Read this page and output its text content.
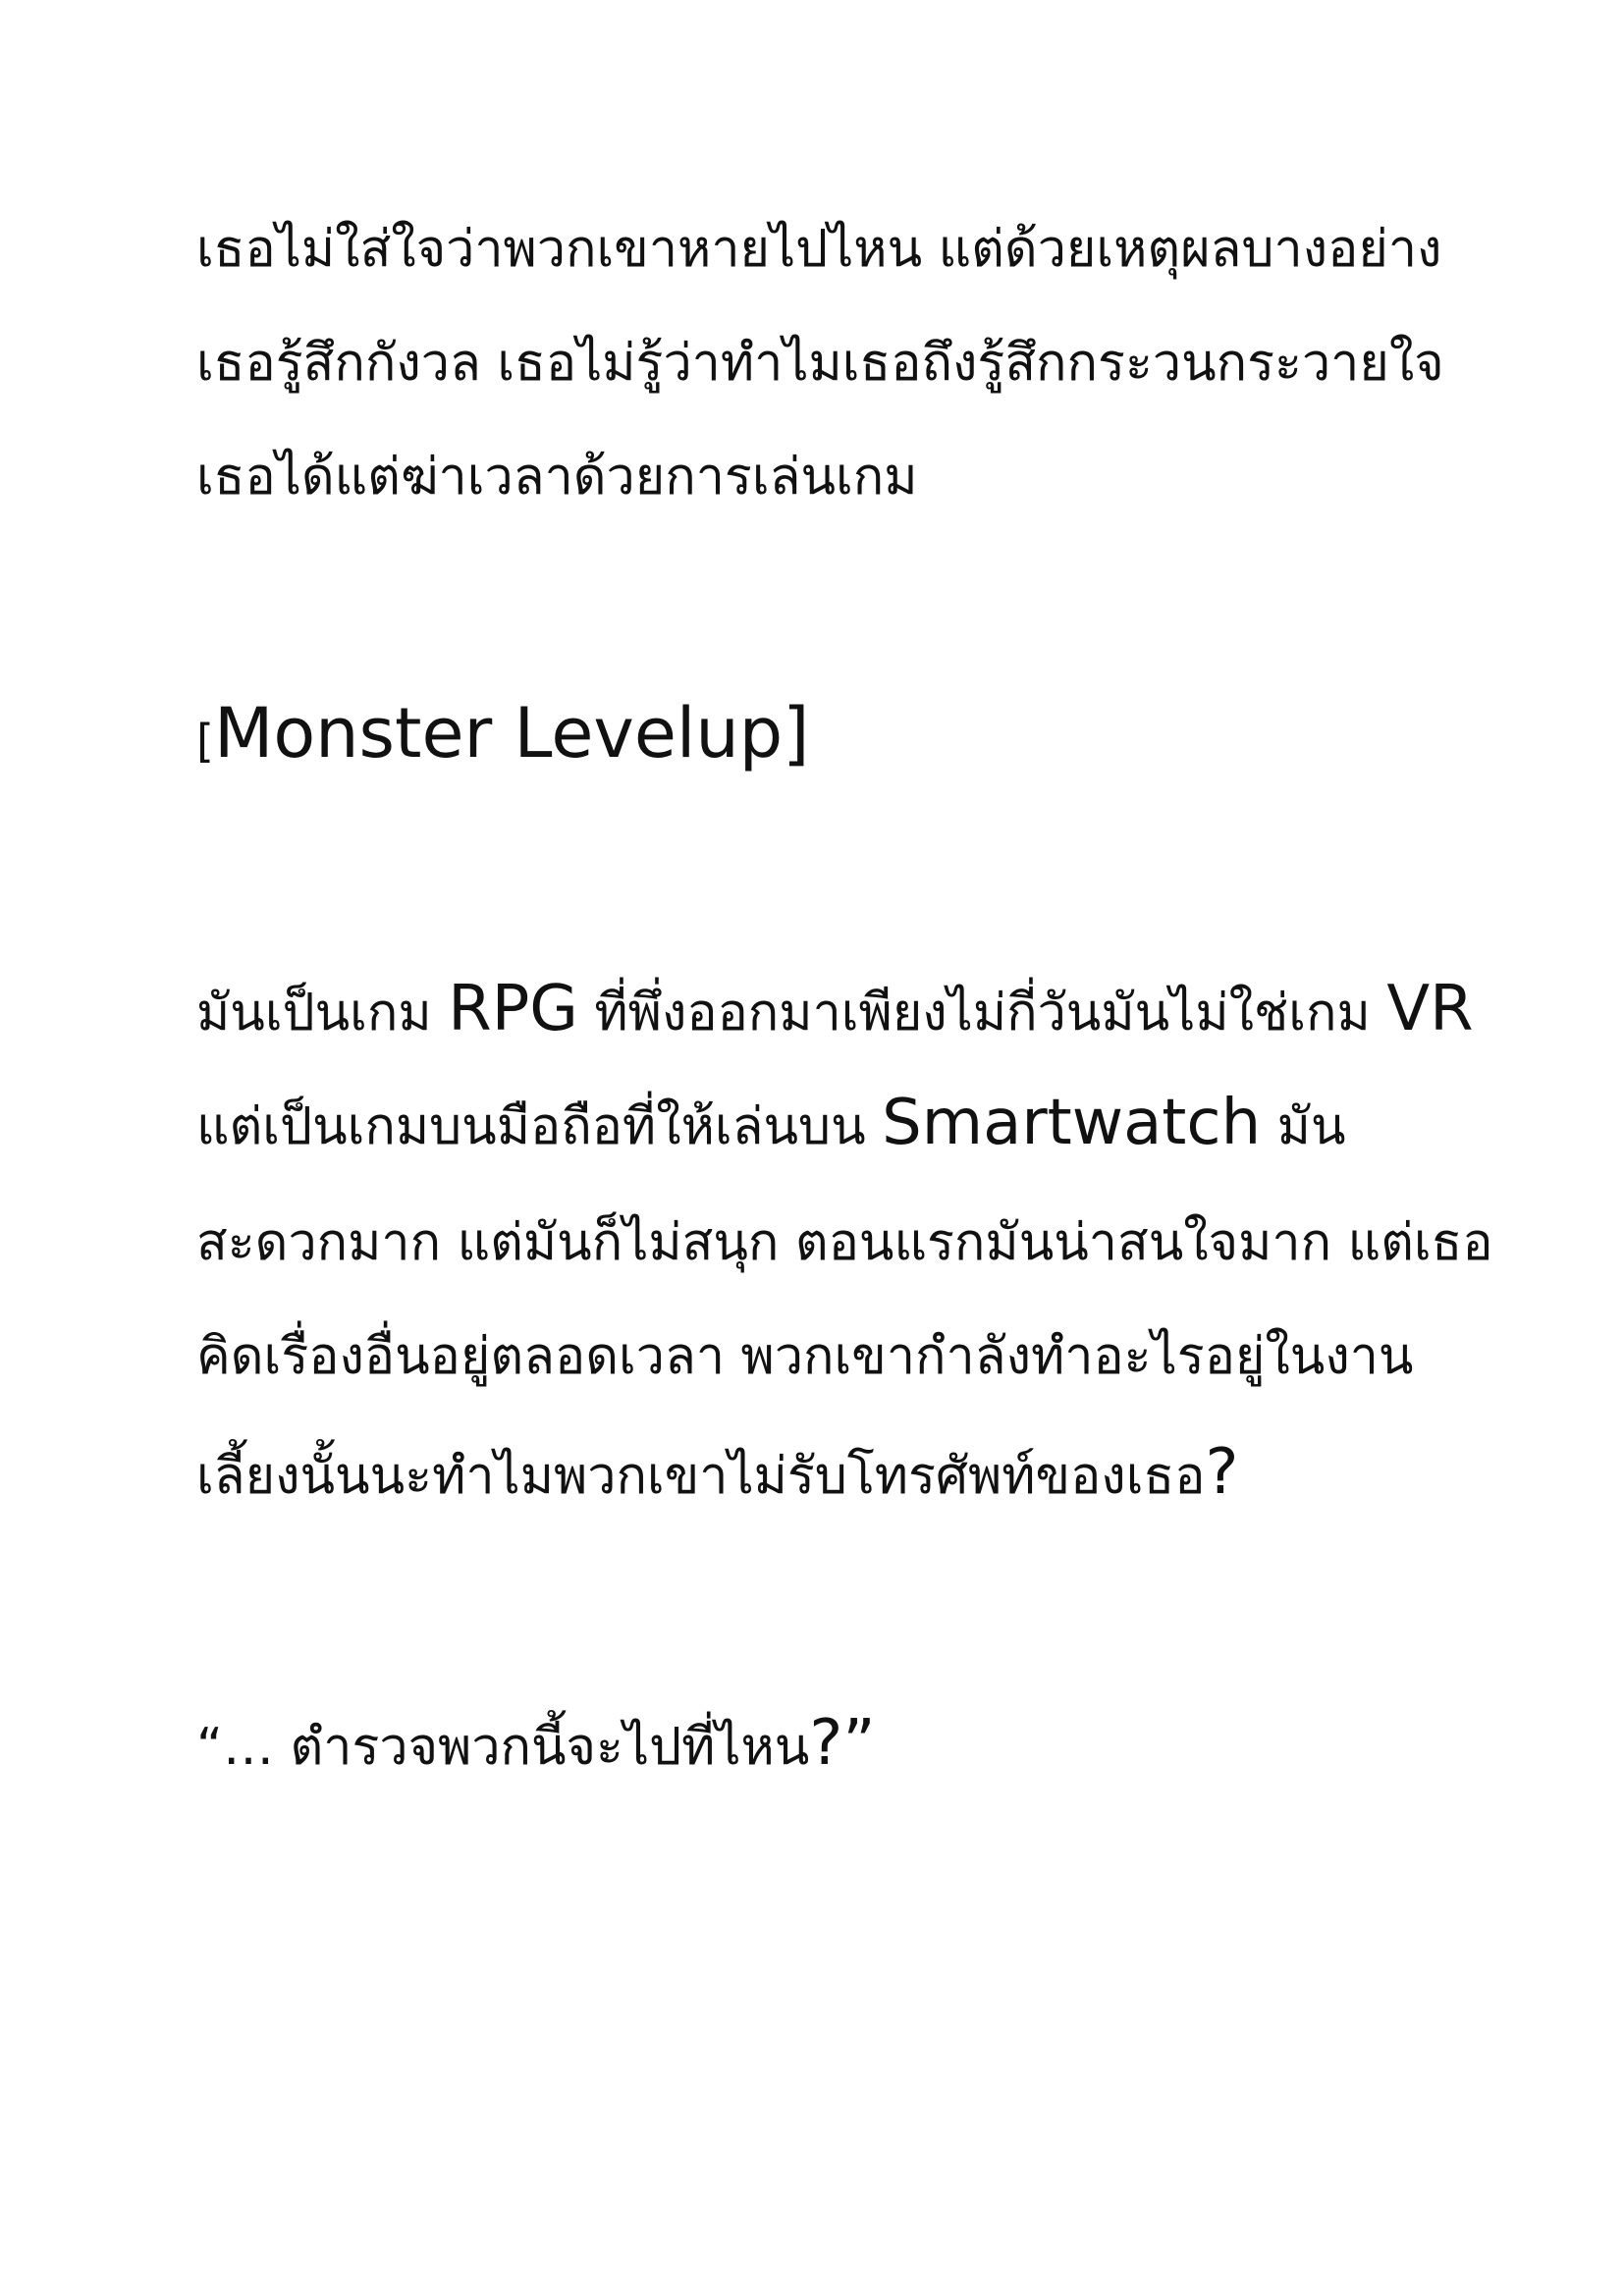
เธอไม่ใส่ใจว่าพวกเขาหายไปไหน แต่ด้วยเหตุผลบางอย่าง

เธอรู้สึกกังวล เธอไม่รู้ว่าทำไมเธอถึงรู้สึกกระวนกระวายใจ

เธอได้แต่ฆ่าเวลาด้วยการเล่นเกม

[Monster Levelup]

มันเป็นเกม RPG ที่พึ่งออกมาเพียงไม่กี่วันมันไม่ใช่เกม VR

แต่เป็นเกมบนมือถือที่ให้เล่นบน Smartwatch มัน

สะดวกมาก แต่มันก็ไม่สนุก ตอนแรกมันน่าสนใจมาก แต่เธอ

คิดเรื่องอื่นอยู่ตลอดเวลา พวกเขากำลังทำอะไรอยู่ในงาน

เลี้ยงนั้นนะทำไมพวกเขาไม่รับโทรศัพท์ของเธอ?

“… ตำรวจพวกนี้จะไปที่ไหน?”
